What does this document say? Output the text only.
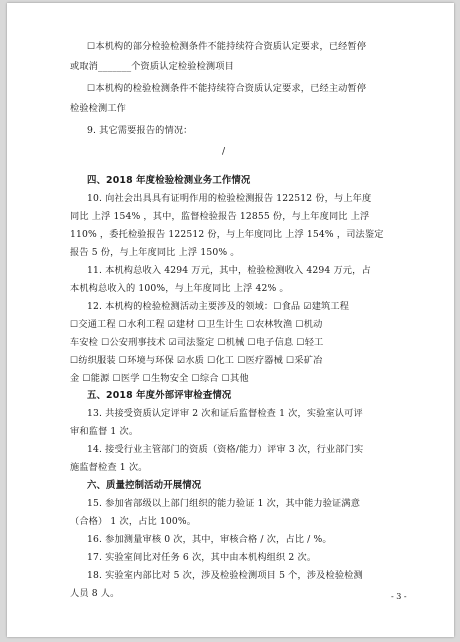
☐本机构的部分检验检测条件不能持续符合资质认定要求，已经暂停
或取消_______个资质认定检验检测项目
☐本机构的检验检测条件不能持续符合资质认定要求，已经主动暂停
检验检测工作
9. 其它需要报告的情况：
/
四、2018 年度检验检测业务工作情况
10. 向社会出具具有证明作用的检验检测报告 122512 份，与上年度
同比 上浮 154% ，其中，监督检验报告 12855 份，与上年度同比 上浮
110% ，委托检验报告 122512 份，与上年度同比 上浮 154% ，司法鉴定
报告 5 份，与上年度同比 上浮 150% 。
11. 本机构总收入 4294 万元，其中，检验检测收入 4294 万元，占
本机构总收入的 100%，与上年度同比 上浮 42% 。
12. 本机构的检验检测活动主要涉及的领域：☐食品 ☑建筑工程
☐交通工程 ☐水利工程 ☑建材 ☐卫生计生 ☐农林牧渔 ☐机动
车安检 ☐公安刑事技术 ☑司法鉴定 ☐机械 ☐电子信息 ☐轻工
☐纺织服装 ☐环境与环保 ☑水质 ☐化工 ☐医疗器械 ☐采矿冶
金 ☐能源 ☐医学 ☐生物安全 ☐综合 ☐其他
五、2018 年度外部评审检查情况
13. 共接受资质认定评审 2 次和证后监督检查 1 次，实验室认可评
审和监督 1 次。
14. 接受行业主管部门的资质（资格/能力）评审 3 次，行业部门实
施监督检查 1 次。
六、质量控制活动开展情况
15. 参加省部级以上部门组织的能力验证 1 次，其中能力验证满意
（合格） 1 次，占比 100%。
16. 参加测量审核 0 次，其中，审核合格 / 次，占比 / %。
17. 实验室间比对任务 6 次，其中由本机构组织 2 次。
18. 实验室内部比对 5 次，涉及检验检测项目 5 个，涉及检验检测
人员 8 人。	- 3 -
